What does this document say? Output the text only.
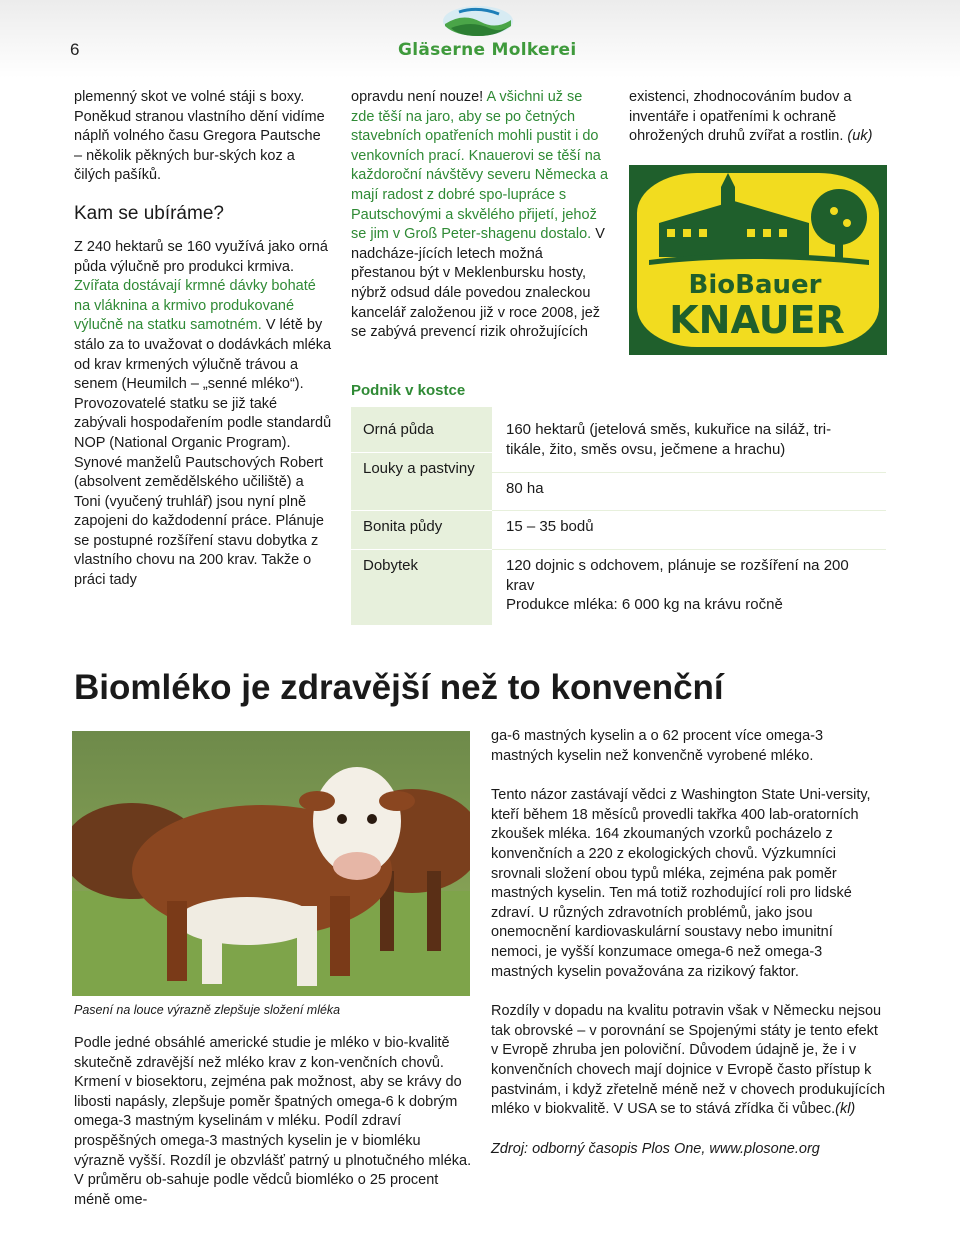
6	Gläserne Molkerei

plemenný skot ve volné stáji s boxy. Poněkud stranou vlastního dění vidíme náplň volného času Gregora Pautsche – několik pěkných bur-ských koz a čilých pašíků.

Kam se ubíráme?

Z 240 hektarů se 160 využívá jako orná půda výlučně pro produkci krmiva. Zvířata dostávají krmné dávky bohaté na vláknina a krmivo produkované výlučně na statku samotném. V létě by stálo za to uvažovat o dodávkách mléka od krav krmených výlučně trávou a senem (Heumilch – „senné mléko“). Provozovatelé statku se již také zabývali hospodařením podle standardů NOP (National Organic Program). Synové manželů Pautschových Robert (absolvent zemědělského učiliště) a Toni (vyučený truhlář) jsou nyní plně zapojeni do každodenní práce. Plánuje se postupné rozšíření stavu dobytka z vlastního chovu na 200 krav. Takže o práci tady

opravdu není nouze! A všichni už se zde těší na jaro, aby se po četných stavebních opatřeních mohli pustit i do venkovních prací. Knauerovi se těší na každoroční návštěvy severu Německa a mají radost z dobré spo-lupráce s Pautschovými a skvělého přijetí, jehož se jim v Groß Peter-shagenu dostalo. V nadcháze-jících letech možná přestanou být v Meklenbursku hosty, nýbrž odsud dále povedou znaleckou kancelář založenou již v roce 2008, jež se zabývá prevencí rizik ohrožujících

existenci, zhodnocováním budov a inventáře i opatřeními k ochraně ohrožených druhů zvířat a rostlin. (uk)

BioBauer
KNAUER
Podnik v kostce
Orná půda
Louky a pastviny
Bonita půdy
Dobytek
160 hektarů (jetelová směs, kukuřice na siláž, tri-tikále, žito, směs ovsu, ječmene a hrachu)
80 ha
15 – 35 bodů
120 dojnic s odchovem, plánuje se rozšíření na 200 krav
Produkce mléka: 6 000 kg na krávu ročně
Biomléko je zdravější než to konvenční
Pasení na louce výrazně zlepšuje složení mléka

Podle jedné obsáhlé americké studie je mléko v bio-kvalitě skutečně zdravější než mléko krav z kon-venčních chovů. Krmení v biosektoru, zejména pak možnost, aby se krávy do libosti napásly, zlepšuje poměr špatných omega-6 k dobrým omega-3 mastným kyselinám v mléku. Podíl zdraví prospěšných omega-3 mastných kyselin je v biomléku výrazně vyšší. Rozdíl je obzvlášť patrný u plnotučného mléka. V průměru ob-sahuje podle vědců biomléko o 25 procent méně ome-

ga-6 mastných kyselin a o 62 procent více omega-3 mastných kyselin než konvenčně vyrobené mléko.

Tento názor zastávají vědci z Washington State Uni-versity, kteří během 18 měsíců provedli takřka 400 lab-oratorních zkoušek mléka. 164 zkoumaných vzorků pocházelo z konvenčních a 220 z ekologických chovů. Výzkumníci srovnali složení obou typů mléka, zejména pak poměr mastných kyselin. Ten má totiž rozhodující roli pro lidské zdraví. U různých zdravotních problémů, jako jsou onemocnění kardiovaskulární soustavy nebo imunitní nemoci, je vyšší konzumace omega-6 než omega-3 mastných kyselin považována za rizikový faktor.

Rozdíly v dopadu na kvalitu potravin však v Německu nejsou tak obrovské – v porovnání se Spojenými státy je tento efekt v Evropě zhruba jen poloviční. Důvodem údajně je, že i v konvenčních chovech mají dojnice v Evropě často přístup k pastvinám, i když zřetelně méně než v chovech produkujících mléko v biokvalitě. V USA se to stává zřídka či vůbec.(kl)

Zdroj: odborný časopis Plos One, www.plosone.org
